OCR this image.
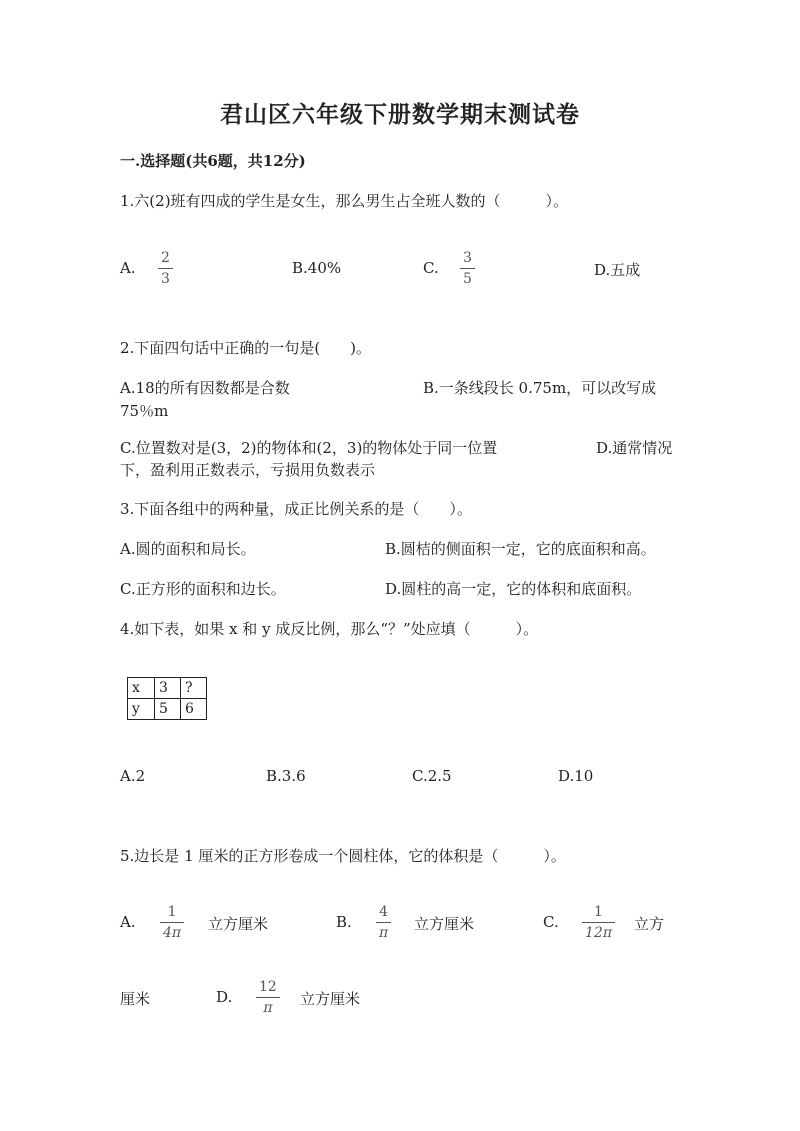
君山区六年级下册数学期末测试卷
一.选择题(共6题，共12分)
1.六(2)班有四成的学生是女生，那么男生占全班人数的（　　　）。
A.
2
3
B.40%	C.
3
5	D.五成
2.下面四句话中正确的一句是(　　)。
A.18的所有因数都是合数	B.一条线段长 0.75m，可以改写成
75％m
C.位置数对是(3，2)的物体和(2，3)的物体处于同一位置	D.通常情况
下，盈利用正数表示，亏损用负数表示
3.下面各组中的两种量，成正比例关系的是（　　）。
A.圆的面积和局长。	B.圆桔的侧面积一定，它的底面积和高。
C.正方形的面积和边长。	D.圆柱的高一定，它的体积和底面积。
4.如下表，如果 x 和 y 成反比例，那么“？”处应填（　　　）。
x	3	?
y	5	6
A.2	B.3.6	C.2.5	D.10
5.边长是 1 厘米的正方形卷成一个圆柱体，它的体积是（　　　）。
A.
1
4π 立方厘米	B.
4
π 立方厘米	C.
1
12π 立方
厘米	D.
12
π 立方厘米
